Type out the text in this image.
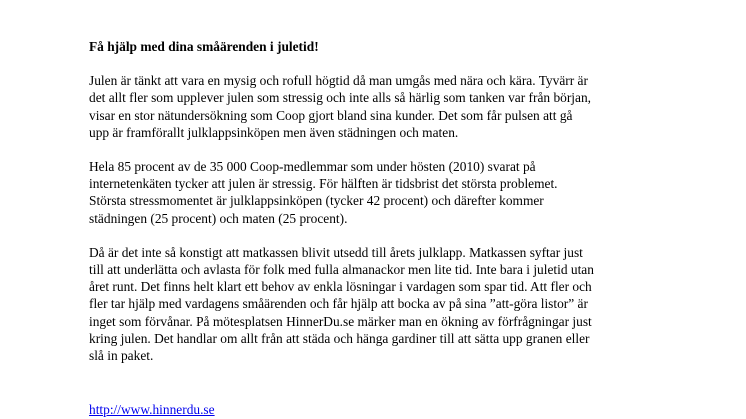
Få hjälp med dina småärenden i juletid!
Julen är tänkt att vara en mysig och rofull högtid då man umgås med nära och kära. Tyvärr är
det allt fler som upplever julen som stressig och inte alls så härlig som tanken var från början,
visar en stor nätundersökning som Coop gjort bland sina kunder. Det som får pulsen att gå
upp är framförallt julklappsinköpen men även städningen och maten.
Hela 85 procent av de 35 000 Coop-medlemmar som under hösten (2010) svarat på
internetenkäten tycker att julen är stressig. För hälften är tidsbrist det största problemet.
Största stressmomentet är julklappsinköpen (tycker 42 procent) och därefter kommer
städningen (25 procent) och maten (25 procent).
Då är det inte så konstigt att matkassen blivit utsedd till årets julklapp. Matkassen syftar just
till att underlätta och avlasta för folk med fulla almanackor men lite tid. Inte bara i juletid utan
året runt. Det finns helt klart ett behov av enkla lösningar i vardagen som spar tid. Att fler och
fler tar hjälp med vardagens småärenden och får hjälp att bocka av på sina ”att-göra listor” är
inget som förvånar. På mötesplatsen HinnerDu.se märker man en ökning av förfrågningar just
kring julen. Det handlar om allt från att städa och hänga gardiner till att sätta upp granen eller
slå in paket.
http://www.hinnerdu.se
